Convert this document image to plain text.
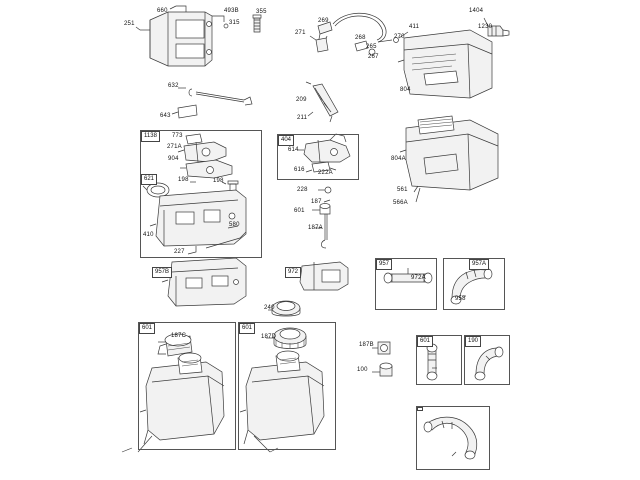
1138
404
621
957	957A
601	190
601	601
957B	972
251
660	493B
315
355
269
271
268
265
267
270
411
1404
1230
804
632
643
209
211
804A
561
566A
773
271A
904
198	198
410
227
580
614
616 222A
228
187
601
187A
972A
958
240
187C	187D
187B
100
